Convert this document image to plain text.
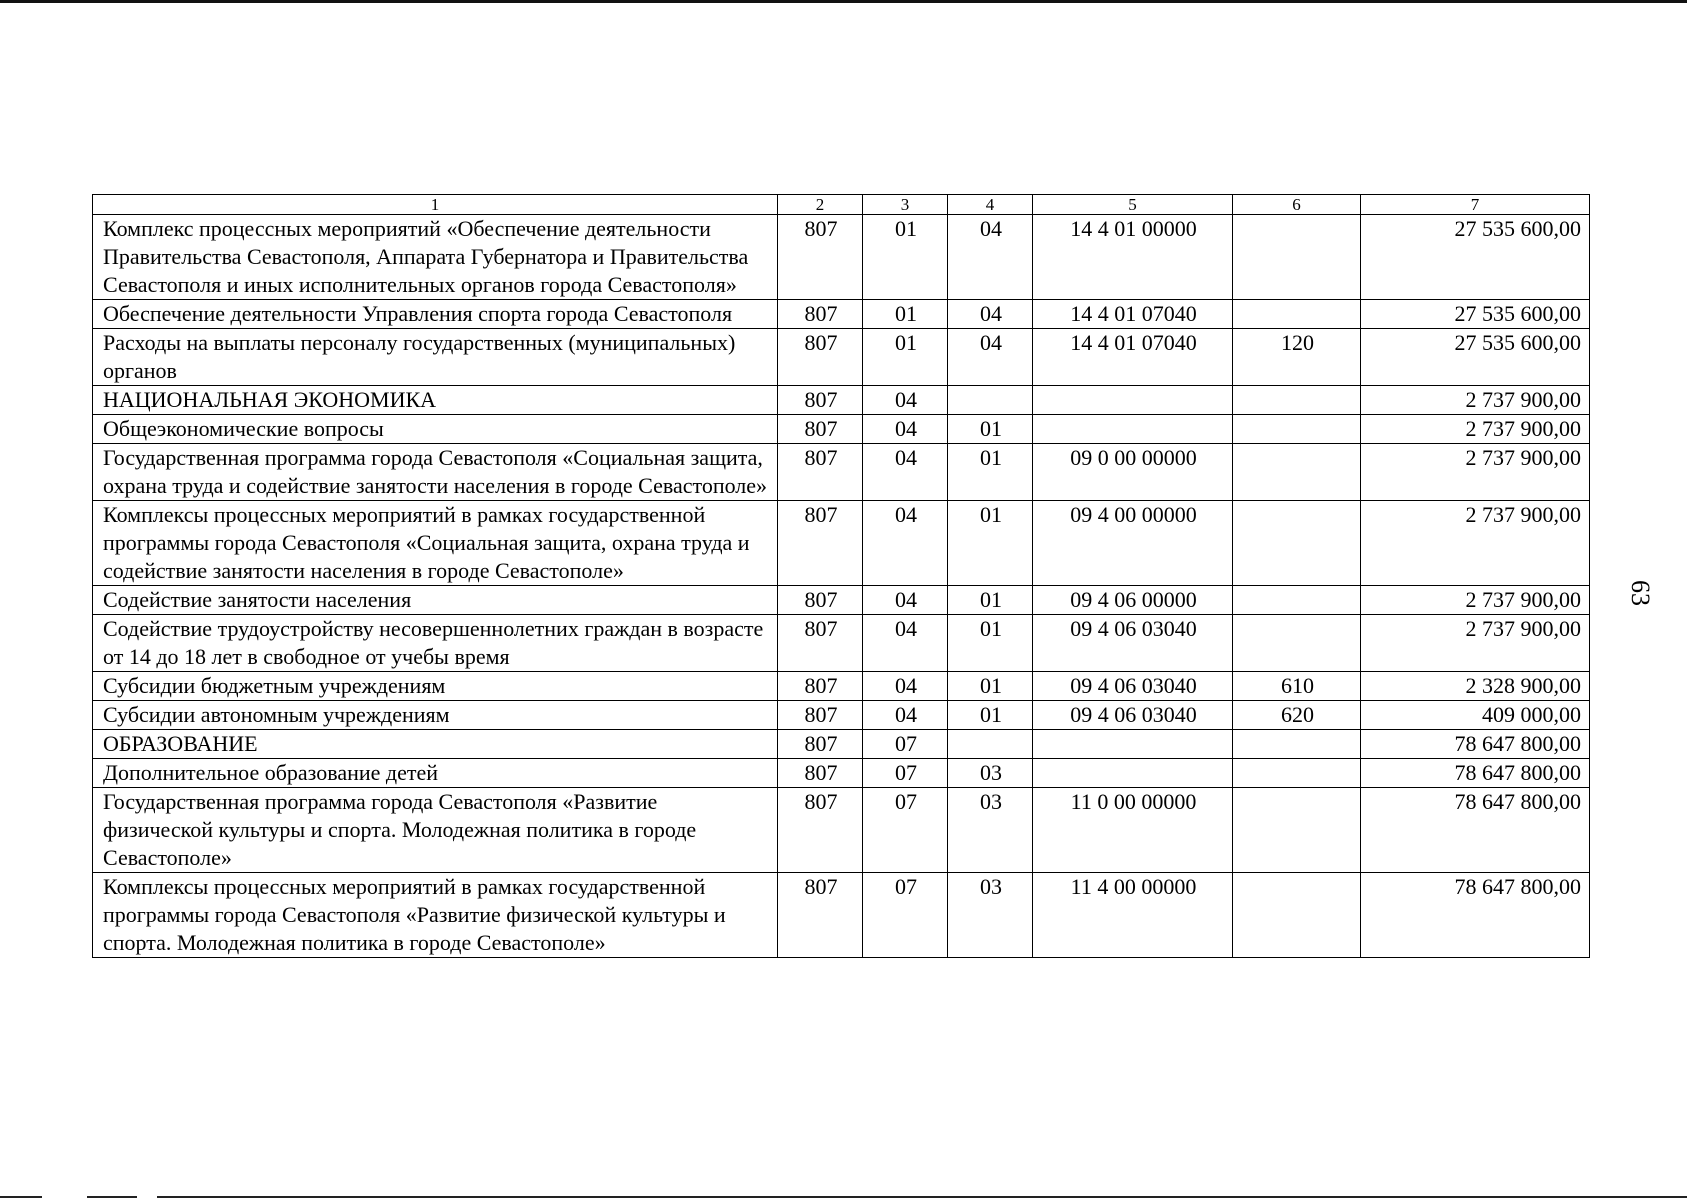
63
1	2	3	4	5	6	7
Комплекс процессных мероприятий «Обеспечение деятельности Правительства Севастополя, Аппарата Губернатора и Правительства Севастополя и иных исполнительных органов города Севастополя»	807	01	04	14 4 01 00000		27 535 600,00
Обеспечение деятельности Управления спорта города Севастополя	807	01	04	14 4 01 07040		27 535 600,00
Расходы на выплаты персоналу государственных (муниципальных) органов	807	01	04	14 4 01 07040	120	27 535 600,00
НАЦИОНАЛЬНАЯ ЭКОНОМИКА	807	04				2 737 900,00
Общеэкономические вопросы	807	04	01			2 737 900,00
Государственная программа города Севастополя «Социальная защита, охрана труда и содействие занятости населения в городе Севастополе»	807	04	01	09 0 00 00000		2 737 900,00
Комплексы процессных мероприятий в рамках государственной программы города Севастополя «Социальная защита, охрана труда и содействие занятости населения в городе Севастополе»	807	04	01	09 4 00 00000		2 737 900,00
Содействие занятости населения	807	04	01	09 4 06 00000		2 737 900,00
Содействие трудоустройству несовершеннолетних граждан в возрасте от 14 до 18 лет в свободное от учебы время	807	04	01	09 4 06 03040		2 737 900,00
Субсидии бюджетным учреждениям	807	04	01	09 4 06 03040	610	2 328 900,00
Субсидии автономным учреждениям	807	04	01	09 4 06 03040	620	409 000,00
ОБРАЗОВАНИЕ	807	07				78 647 800,00
Дополнительное образование детей	807	07	03			78 647 800,00
Государственная программа города Севастополя «Развитие физической культуры и спорта. Молодежная политика в городе Севастополе»	807	07	03	11 0 00 00000		78 647 800,00
Комплексы процессных мероприятий в рамках государственной программы города Севастополя «Развитие физической культуры и спорта. Молодежная политика в городе Севастополе»	807	07	03	11 4 00 00000		78 647 800,00
